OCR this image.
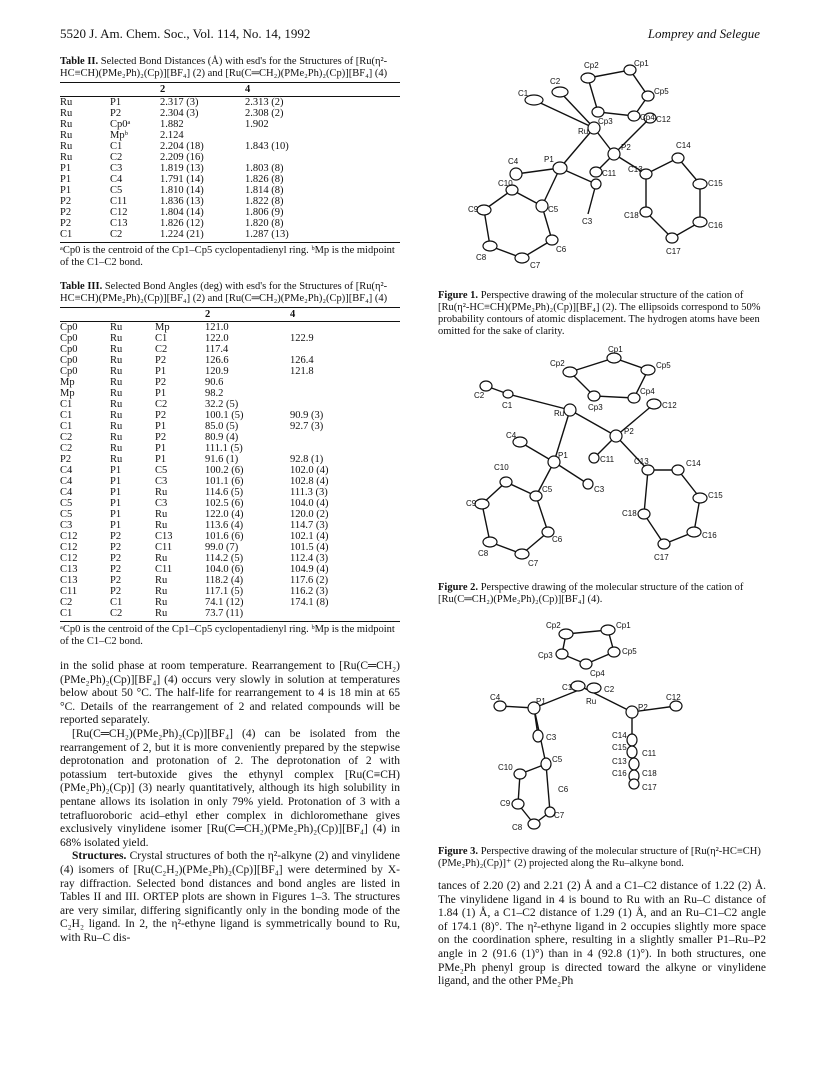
5520 J. Am. Chem. Soc., Vol. 114, No. 14, 1992	Lomprey and Selegue
Table II. Selected Bond Distances (Å) with esd's for the Structures of [Ru(η²-HC≡CH)(PMe₂Ph)₂(Cp)][BF₄] (2) and [Ru(C═CH₂)(PMe₂Ph)₂(Cp)][BF₄] (4)
		2	4
Ru	P1	2.317 (3)	2.313 (2)
Ru	P2	2.304 (3)	2.308 (2)
Ru	Cp0ᵃ	1.882	1.902
Ru	Mpᵇ	2.124	
Ru	C1	2.204 (18)	1.843 (10)
Ru	C2	2.209 (16)	
P1	C3	1.819 (13)	1.803 (8)
P1	C4	1.791 (14)	1.826 (8)
P1	C5	1.810 (14)	1.814 (8)
P2	C11	1.836 (13)	1.822 (8)
P2	C12	1.804 (14)	1.806 (9)
P2	C13	1.826 (12)	1.820 (8)
C1	C2	1.224 (21)	1.287 (13)
ᵃCp0 is the centroid of the Cp1–Cp5 cyclopentadienyl ring. ᵇMp is the midpoint of the C1–C2 bond.
Table III. Selected Bond Angles (deg) with esd's for the Structures of [Ru(η²-HC≡CH)(PMe₂Ph)₂(Cp)][BF₄] (2) and [Ru(C═CH₂)(PMe₂Ph)₂(Cp)][BF₄] (4)
			2	4
Cp0	Ru	Mp	121.0	
Cp0	Ru	C1	122.0	122.9
Cp0	Ru	C2	117.4	
Cp0	Ru	P2	126.6	126.4
Cp0	Ru	P1	120.9	121.8
Mp	Ru	P2	90.6	
Mp	Ru	P1	98.2	
C1	Ru	C2	32.2 (5)	
C1	Ru	P2	100.1 (5)	90.9 (3)
C1	Ru	P1	85.0 (5)	92.7 (3)
C2	Ru	P2	80.9 (4)	
C2	Ru	P1	111.1 (5)	
P2	Ru	P1	91.6 (1)	92.8 (1)
C4	P1	C5	100.2 (6)	102.0 (4)
C4	P1	C3	101.1 (6)	102.8 (4)
C4	P1	Ru	114.6 (5)	111.3 (3)
C5	P1	C3	102.5 (6)	104.0 (4)
C5	P1	Ru	122.0 (4)	120.0 (2)
C3	P1	Ru	113.6 (4)	114.7 (3)
C12	P2	C13	101.6 (6)	102.1 (4)
C12	P2	C11	99.0 (7)	101.5 (4)
C12	P2	Ru	114.2 (5)	112.4 (3)
C13	P2	C11	104.0 (6)	104.9 (4)
C13	P2	Ru	118.2 (4)	117.6 (2)
C11	P2	Ru	117.1 (5)	116.2 (3)
C2	C1	Ru	74.1 (12)	174.1 (8)
C1	C2	Ru	73.7 (11)	
ᵃCp0 is the centroid of the Cp1–Cp5 cyclopentadienyl ring. ᵇMp is the midpoint of the C1–C2 bond.

in the solid phase at room temperature. Rearrangement to [Ru(C═CH₂)(PMe₂Ph)₂(Cp)][BF₄] (4) occurs very slowly in solution at temperatures below about 50 °C. The half-life for rearrangement to 4 is 18 min at 65 °C. Details of the rearrangement of 2 and related compounds will be reported separately.

[Ru(C═CH₂)(PMe₂Ph)₂(Cp)][BF₄] (4) can be isolated from the rearrangement of 2, but it is more conveniently prepared by the stepwise deprotonation and protonation of 2. The deprotonation of 2 with potassium tert-butoxide gives the ethynyl complex [Ru(C≡CH)(PMe₂Ph)₂(Cp)] (3) nearly quantitatively, although its high solubility in pentane allows its isolation in only 79% yield. Protonation of 3 with a tetrafluoroboric acid–ethyl ether complex in dichloromethane gives exclusively vinylidene isomer [Ru(C═CH₂)(PMe₂Ph)₂(Cp)][BF₄] (4) in 68% isolated yield.

Structures. Crystal structures of both the η²-alkyne (2) and vinylidene (4) isomers of [Ru(C₂H₂)(PMe₂Ph)₂(Cp)][BF₄] were determined by X-ray diffraction. Selected bond distances and bond angles are listed in Tables II and III. ORTEP plots are shown in Figures 1–3. The structures are very similar, differing significantly only in the bonding mode of the C₂H₂ ligand. In 2, the η²-ethyne ligand is symmetrically bound to Ru, with Ru–C dis-

Cp2	Cp1
Cp5
Cp4
Cp3
Ru
C1
C2
C4	P1
P2
C11
C12
C3
C5
C10
C9
C8
C7
C6
C13
C14
C15
C16
C17
C18
Figure 1. Perspective drawing of the molecular structure of the cation of [Ru(η²-HC≡CH)(PMe₂Ph)₂(Cp)][BF₄] (2). The ellipsoids correspond to 50% probability contours of atomic displacement. The hydrogen atoms have been omitted for the sake of clarity.
Cp2
Cp1
Cp5
Cp4
Cp3
Ru
C1
C2
C4
P1
P2
C11
C12
C3
C5
C10
C9
C8
C7
C6
C13	C14
C15
C16
C17
C18
Figure 2. Perspective drawing of the molecular structure of the cation of [Ru(C═CH₂)(PMe₂Ph)₂(Cp)][BF₄] (4).
Cp2	Cp1
Cp5
Cp4
Cp3
C1	C2
Ru
C4	P1
P2
C12
C3
C5
C10
C6
C9
C8
C7
C14
C15
C11
C13
C16 C18
C17
Figure 3. Perspective drawing of the molecular structure of [Ru(η²-HC≡CH)(PMe₂Ph)₂(Cp)]⁺ (2) projected along the Ru–alkyne bond.

tances of 2.20 (2) and 2.21 (2) Å and a C1–C2 distance of 1.22 (2) Å. The vinylidene ligand in 4 is bound to Ru with an Ru–C distance of 1.84 (1) Å, a C1–C2 distance of 1.29 (1) Å, and an Ru–C1–C2 angle of 174.1 (8)°. The η²-ethyne ligand in 2 occupies slightly more space on the coordination sphere, resulting in a slightly smaller P1–Ru–P2 angle in 2 (91.6 (1)°) than in 4 (92.8 (1)°). In both structures, one PMe₂Ph phenyl group is directed toward the alkyne or vinylidene ligand, and the other PMe₂Ph
